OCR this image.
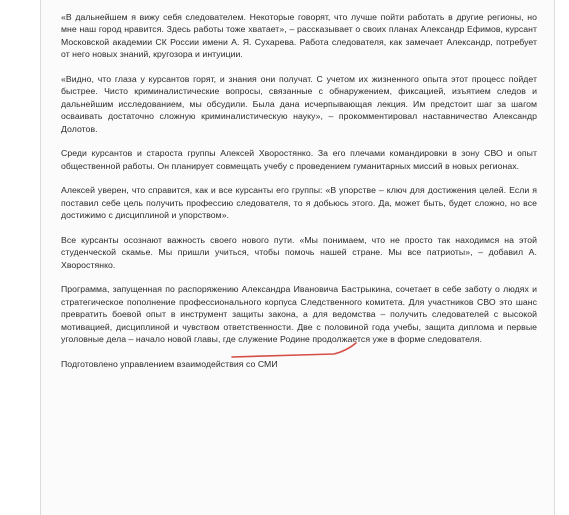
«В дальнейшем я вижу себя следователем. Некоторые говорят, что лучше пойти работать в другие регионы, но мне наш город нравится. Здесь работы тоже хватает», – рассказывает о своих планах Александр Ефимов, курсант Московской академии СК России имени А. Я. Сухарева. Работа следователя, как замечает Александр, потребует от него новых знаний, кругозора и интуиции.

«Видно, что глаза у курсантов горят, и знания они получат. С учетом их жизненного опыта этот процесс пойдет быстрее. Чисто криминалистические вопросы, связанные с обнаружением, фиксацией, изъятием следов и дальнейшим исследованием, мы обсудили. Была дана исчерпывающая лекция. Им предстоит шаг за шагом осваивать достаточно сложную криминалистическую науку», – прокомментировал наставничество Александр Долотов.

Среди курсантов и староста группы Алексей Хворостянко. За его плечами командировки в зону СВО и опыт общественной работы. Он планирует совмещать учебу с проведением гуманитарных миссий в новых регионах.

Алексей уверен, что справится, как и все курсанты его группы: «В упорстве – ключ для достижения целей. Если я поставил себе цель получить профессию следователя, то я добьюсь этого. Да, может быть, будет сложно, но все достижимо с дисциплиной и упорством».

Все курсанты осознают важность своего нового пути. «Мы понимаем, что не просто так находимся на этой студенческой скамье. Мы пришли учиться, чтобы помочь нашей стране. Мы все патриоты», – добавил А. Хворостянко.

Программа, запущенная по распоряжению Александра Ивановича Бастрыкина, сочетает в себе заботу о людях и стратегическое пополнение профессионального корпуса Следственного комитета. Для участников СВО это шанс превратить боевой опыт в инструмент защиты закона, а для ведомства – получить следователей с высокой мотивацией, дисциплиной и чувством ответственности. Две с половиной года учебы, защита диплома и первые уголовные дела – начало новой главы, где служение Родине продолжается уже в форме следователя.

Подготовлено управлением взаимодействия со СМИ
